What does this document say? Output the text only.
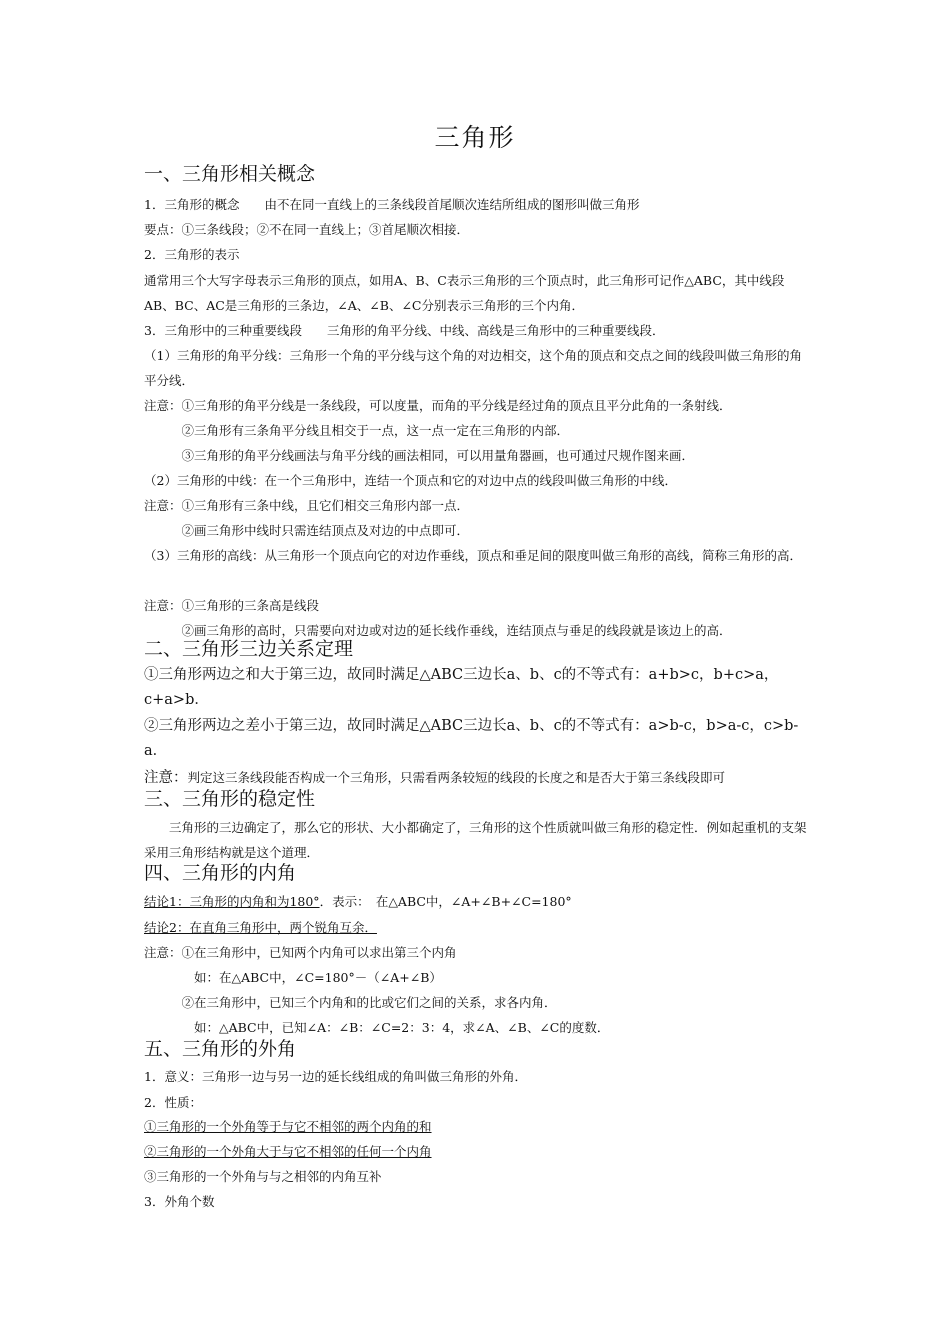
三角形
一、三角形相关概念
1．三角形的概念　　由不在同一直线上的三条线段首尾顺次连结所组成的图形叫做三角形
要点：①三条线段；②不在同一直线上；③首尾顺次相接．
2．三角形的表示
通常用三个大写字母表示三角形的顶点，如用A、B、C表示三角形的三个顶点时，此三角形可记作△ABC，其中线段AB、BC、AC是三角形的三条边，∠A、∠B、∠C分别表示三角形的三个内角．
3．三角形中的三种重要线段　　三角形的角平分线、中线、高线是三角形中的三种重要线段．
（1）三角形的角平分线：三角形一个角的平分线与这个角的对边相交，这个角的顶点和交点之间的线段叫做三角形的角平分线．
注意：①三角形的角平分线是一条线段，可以度量，而角的平分线是经过角的顶点且平分此角的一条射线．
　　　②三角形有三条角平分线且相交于一点，这一点一定在三角形的内部．
　　　③三角形的角平分线画法与角平分线的画法相同，可以用量角器画，也可通过尺规作图来画．
（2）三角形的中线：在一个三角形中，连结一个顶点和它的对边中点的线段叫做三角形的中线．
注意：①三角形有三条中线，且它们相交三角形内部一点．
　　　②画三角形中线时只需连结顶点及对边的中点即可．
（3）三角形的高线：从三角形一个顶点向它的对边作垂线，顶点和垂足间的限度叫做三角形的高线，简称三角形的高．
注意：①三角形的三条高是线段
　　　②画三角形的高时，只需要向对边或对边的延长线作垂线，连结顶点与垂足的线段就是该边上的高．
二、三角形三边关系定理
①三角形两边之和大于第三边，故同时满足△ABC三边长a、b、c的不等式有：a+b>c，b+c>a，c+a>b．
②三角形两边之差小于第三边，故同时满足△ABC三边长a、b、c的不等式有：a>b-c，b>a-c，c>b-a．
注意：判定这三条线段能否构成一个三角形，只需看两条较短的线段的长度之和是否大于第三条线段即可
三、三角形的稳定性
　　三角形的三边确定了，那么它的形状、大小都确定了，三角形的这个性质就叫做三角形的稳定性．例如起重机的支架采用三角形结构就是这个道理．
四、三角形的内角
结论1：三角形的内角和为180°．表示：　在△ABC中，∠A+∠B+∠C=180°
结论2：在直角三角形中，两个锐角互余．
注意：①在三角形中，已知两个内角可以求出第三个内角
　　　　如：在△ABC中，∠C=180°－（∠A+∠B）
　　　②在三角形中，已知三个内角和的比或它们之间的关系，求各内角．
　　　　如：△ABC中，已知∠A：∠B：∠C=2：3：4，求∠A、∠B、∠C的度数．
五、三角形的外角
1．意义：三角形一边与另一边的延长线组成的角叫做三角形的外角．
2．性质：
①三角形的一个外角等于与它不相邻的两个内角的和
②三角形的一个外角大于与它不相邻的任何一个内角
③三角形的一个外角与与之相邻的内角互补
3．外角个数
